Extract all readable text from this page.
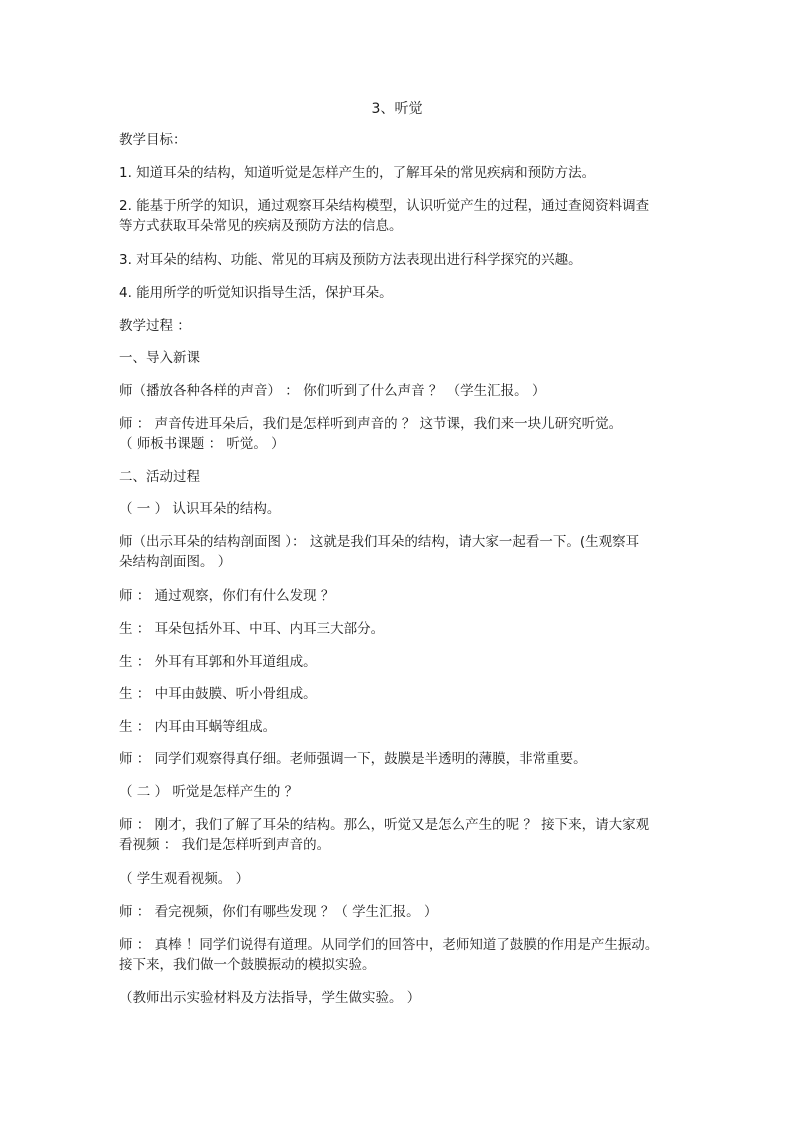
3、听觉
教学目标：
1. 知道耳朵的结构，知道听觉是怎样产生的，了解耳朵的常见疾病和预防方法。
2. 能基于所学的知识，通过观察耳朵结构模型，认识听觉产生的过程，通过查阅资料调查
等方式获取耳朵常见的疾病及预防方法的信息。
3. 对耳朵的结构、功能、常见的耳病及预防方法表现出进行科学探究的兴趣。
4. 能用所学的听觉知识指导生活，保护耳朵。
教学过程 ：
一、导入新课
师（播放各种各样的声音） ： 你们听到了什么声音 ？ （学生汇报。 ）
师 ： 声音传进耳朵后，我们是怎样听到声音的 ？ 这节课，我们来一块儿研究听觉。
（ 师板书课题 ： 听觉。 ）
二、活动过程
（ 一 ） 认识耳朵的结构。
师（出示耳朵的结构剖面图 ）： 这就是我们耳朵的结构，请大家一起看一下。(生观察耳
朵结构剖面图。 ）
师 ： 通过观察，你们有什么发现 ？
生 ： 耳朵包括外耳、中耳、内耳三大部分。
生 ： 外耳有耳郭和外耳道组成。
生 ： 中耳由鼓膜、听小骨组成。
生 ： 内耳由耳蜗等组成。
师 ： 同学们观察得真仔细。老师强调一下，鼓膜是半透明的薄膜，非常重要。
（ 二 ） 听觉是怎样产生的 ？
师 ： 刚才，我们了解了耳朵的结构。那么，听觉又是怎么产生的呢 ？ 接下来，请大家观
看视频 ： 我们是怎样听到声音的。
（ 学生观看视频。 ）
师 ： 看完视频，你们有哪些发现 ？（ 学生汇报。 ）
师 ： 真棒 ！同学们说得有道理。从同学们的回答中，老师知道了鼓膜的作用是产生振动。
接下来，我们做一个鼓膜振动的模拟实验。
（教师出示实验材料及方法指导，学生做实验。 ）
